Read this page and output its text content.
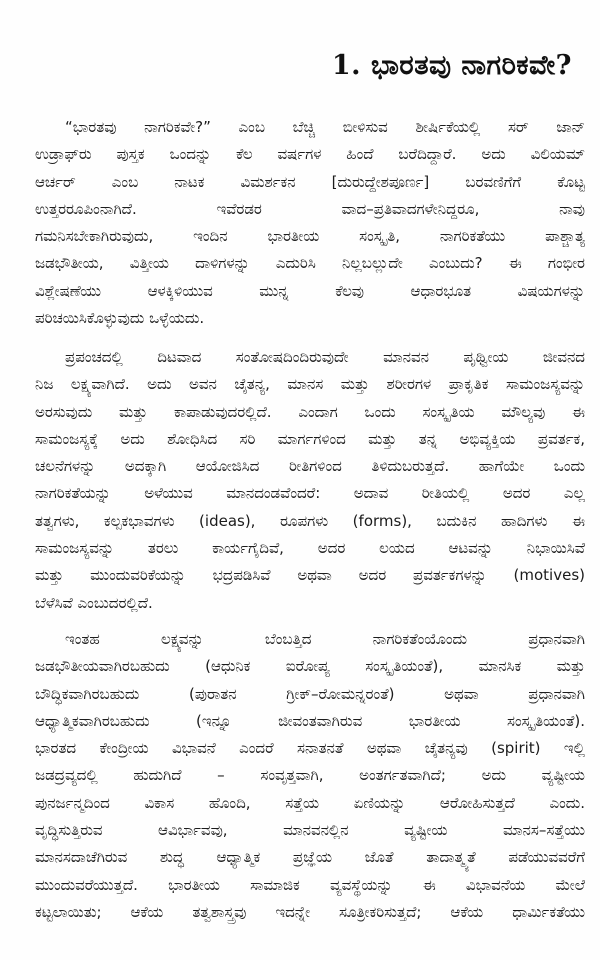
1. ಭಾರತವು ನಾಗರಿಕವೇ?
“ಭಾರತವು ನಾಗರಿಕವೇ?” ಎಂಬ ಬೆಚ್ಚಿ ಬೀಳಿಸುವ ಶೀರ್ಷಿಕೆಯಲ್ಲಿ ಸರ್ ಜಾನ್
ಉಡ್ರಾಫ್‌ರು ಪುಸ್ತಕ ಒಂದನ್ನು ಕೆಲ ವರ್ಷಗಳ ಹಿಂದೆ ಬರೆದಿದ್ದಾರೆ. ಅದು ವಿಲಿಯಮ್
ಆರ್ಚರ್ ಎಂಬ ನಾಟಕ ವಿಮರ್ಶಕನ [ದುರುದ್ದೇಶಪೂರ್ಣ] ಬರವಣಿಗೆಗೆ ಕೊಟ್ಟ
ಉತ್ತರರೂಪಿಂನಾಗಿದೆ. ಇವೆರಡರ ವಾದ–ಪ್ರತಿವಾದಗಳೇನಿದ್ದರೂ, ನಾವು
ಗಮನಿಸಬೇಕಾಗಿರುವುದು, ಇಂದಿನ ಭಾರತೀಯ ಸಂಸ್ಕೃತಿ, ನಾಗರಿಕತೆಯು ಪಾಶ್ಚಾತ್ಯ
ಜಡಭೌತೀಯ, ವಿತ್ತೀಯ ದಾಳಿಗಳನ್ನು ಎದುರಿಸಿ ನಿಲ್ಲಬಲ್ಲುದೇ ಎಂಬುದು? ಈ ಗಂಭೀರ
ವಿಶ್ಲೇಷಣೆಯು ಆಳಕ್ಕಿಳಿಯುವ ಮುನ್ನ ಕೆಲವು ಆಧಾರಭೂತ ವಿಷಯಗಳನ್ನು
ಪರಿಚಯಿಸಿಕೊಳ್ಳುವುದು ಒಳ್ಳೆಯದು.
ಪ್ರಪಂಚದಲ್ಲಿ ದಿಟವಾದ ಸಂತೋಷದಿಂದಿರುವುದೇ ಮಾನವನ ಪೃಥ್ವೀಯ ಜೀವನದ
ನಿಜ ಲಕ್ಷ್ಯವಾಗಿದೆ. ಅದು ಅವನ ಚೈತನ್ಯ, ಮಾನಸ ಮತ್ತು ಶರೀರಗಳ ಪ್ರಾಕೃತಿಕ ಸಾಮಂಜಸ್ಯವನ್ನು
ಅರಸುವುದು ಮತ್ತು ಕಾಪಾಡುವುದರಲ್ಲಿದೆ. ಎಂದಾಗ ಒಂದು ಸಂಸ್ಕೃತಿಯ ಮೌಲ್ಯವು ಈ
ಸಾಮಂಜಸ್ಯಕ್ಕೆ ಅದು ಶೋಧಿಸಿದ ಸರಿ ಮಾರ್ಗಗಳಿಂದ ಮತ್ತು ತನ್ನ ಅಭಿವ್ಯಕ್ತಿಯ ಪ್ರವರ್ತಕ,
ಚಲನೆಗಳನ್ನು ಅದಕ್ಕಾಗಿ ಆಯೋಜಿಸಿದ ರೀತಿಗಳಿಂದ ತಿಳಿದುಬರುತ್ತದೆ. ಹಾಗೆಯೇ ಒಂದು
ನಾಗರಿಕತೆಯನ್ನು ಅಳೆಯುವ ಮಾನದಂಡವೆಂದರೆ: ಅದಾವ ರೀತಿಯಲ್ಲಿ ಅದರ ಎಲ್ಲ
ತತ್ವಗಳು, ಕಲ್ಪಕಭಾವಗಳು (ideas), ರೂಪಗಳು (forms), ಬದುಕಿನ ಹಾದಿಗಳು ಈ
ಸಾಮಂಜಸ್ಯವನ್ನು ತರಲು ಕಾರ್ಯಗೈದಿವೆ, ಅದರ ಲಯದ ಆಟವನ್ನು ನಿಭಾಯಿಸಿವೆ
ಮತ್ತು ಮುಂದುವರಿಕೆಯನ್ನು ಭದ್ರಪಡಿಸಿವೆ ಅಥವಾ ಅದರ ಪ್ರವರ್ತಕಗಳನ್ನು (motives)
ಬೆಳೆಸಿವೆ ಎಂಬುದರಲ್ಲಿದೆ.
ಇಂತಹ ಲಕ್ಷ್ಯವನ್ನು ಬೆಂಬತ್ತಿದ ನಾಗರಿಕತೆಂಯೊಂದು ಪ್ರಧಾನವಾಗಿ
ಜಡಭೌತೀಯವಾಗಿರಬಹುದು (ಆಧುನಿಕ ಐರೋಪ್ಯ ಸಂಸ್ಕೃತಿಯಂತೆ), ಮಾನಸಿಕ ಮತ್ತು
ಬೌದ್ಧಿಕವಾಗಿರಬಹುದು (ಪುರಾತನ ಗ್ರೀಕ್–ರೋಮನ್ನರಂತೆ) ಅಥವಾ ಪ್ರಧಾನವಾಗಿ
ಆಧ್ಯಾತ್ಮಿಕವಾಗಿರಬಹುದು (ಇನ್ನೂ ಜೀವಂತವಾಗಿರುವ ಭಾರತೀಯ ಸಂಸ್ಕೃತಿಯಂತೆ).
ಭಾರತದ ಕೇಂದ್ರೀಯ ವಿಭಾವನೆ ಎಂದರೆ ಸನಾತನತೆ ಅಥವಾ ಚೈತನ್ಯವು (spirit) ಇಲ್ಲಿ
ಜಡದ್ರವ್ಯದಲ್ಲಿ ಹುದುಗಿದೆ – ಸಂವೃತ್ತವಾಗಿ, ಅಂತರ್ಗತವಾಗಿದೆ; ಅದು ವ್ಯಷ್ಟೀಯ
ಪುನರ್ಜನ್ಮದಿಂದ ವಿಕಾಸ ಹೊಂದಿ, ಸತ್ತೆಯ ಏಣಿಯನ್ನು ಆರೋಹಿಸುತ್ತದೆ ಎಂದು.
ವೃದ್ಧಿಸುತ್ತಿರುವ ಆವಿರ್ಭಾವವು, ಮಾನವನಲ್ಲಿನ ವ್ಯಷ್ಟೀಯ ಮಾನಸ–ಸತ್ತೆಯು
ಮಾನಸದಾಚೆಗಿರುವ ಶುದ್ಧ ಆಧ್ಯಾತ್ಮಿಕ ಪ್ರಜ್ಞೆಯ ಜೊತೆ ತಾದಾತ್ಮ್ಯತೆ ಪಡೆಯುವವರೆಗೆ
ಮುಂದುವರೆಯುತ್ತದೆ. ಭಾರತೀಯ ಸಾಮಾಜಿಕ ವ್ಯವಸ್ಥೆಯನ್ನು ಈ ವಿಭಾವನೆಯ ಮೇಲೆ
ಕಟ್ಟಲಾಯಿತು; ಆಕೆಯ ತತ್ವಶಾಸ್ತ್ರವು ಇದನ್ನೇ ಸೂತ್ರೀಕರಿಸುತ್ತದೆ; ಆಕೆಯ ಧಾರ್ಮಿಕತೆಯು
